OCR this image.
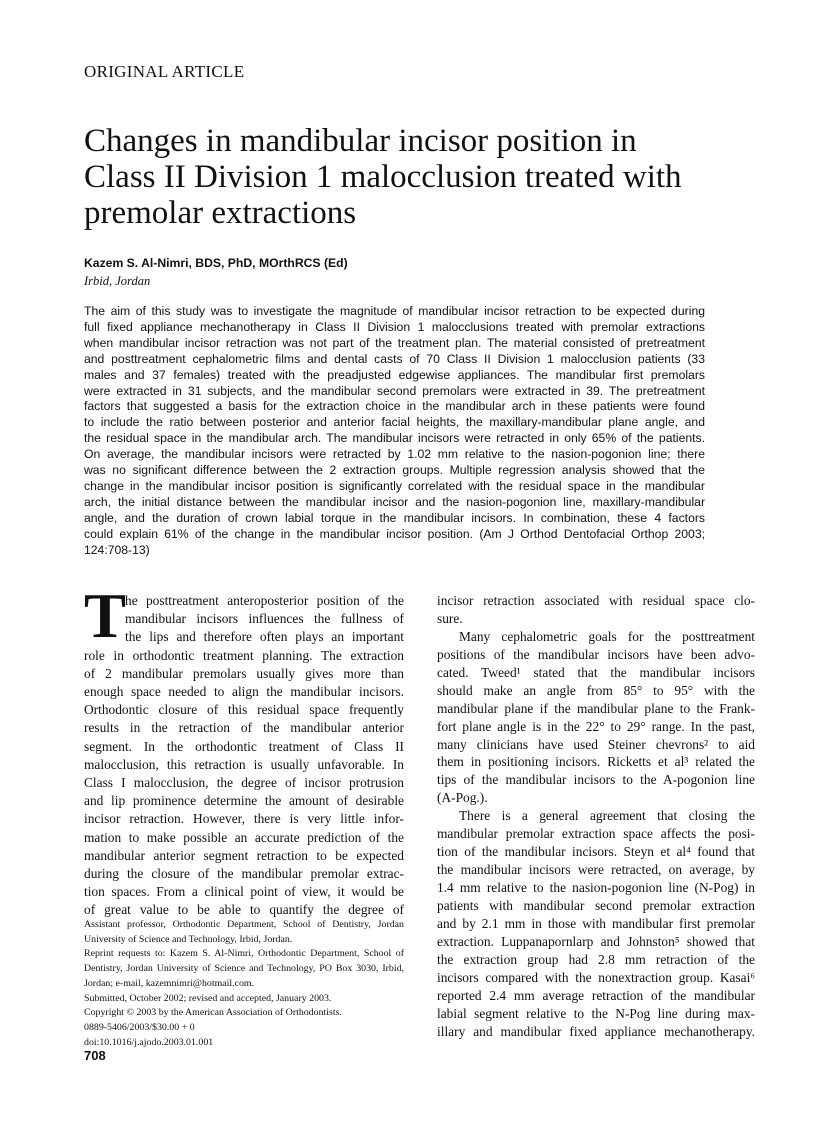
ORIGINAL ARTICLE
Changes in mandibular incisor position in
Class II Division 1 malocclusion treated with
premolar extractions
Kazem S. Al-Nimri, BDS, PhD, MOrthRCS (Ed)
Irbid, Jordan
The aim of this study was to investigate the magnitude of mandibular incisor retraction to be expected during
full fixed appliance mechanotherapy in Class II Division 1 malocclusions treated with premolar extractions
when mandibular incisor retraction was not part of the treatment plan. The material consisted of pretreatment
and posttreatment cephalometric films and dental casts of 70 Class II Division 1 malocclusion patients (33
males and 37 females) treated with the preadjusted edgewise appliances. The mandibular first premolars
were extracted in 31 subjects, and the mandibular second premolars were extracted in 39. The pretreatment
factors that suggested a basis for the extraction choice in the mandibular arch in these patients were found
to include the ratio between posterior and anterior facial heights, the maxillary-mandibular plane angle, and
the residual space in the mandibular arch. The mandibular incisors were retracted in only 65% of the patients.
On average, the mandibular incisors were retracted by 1.02 mm relative to the nasion-pogonion line; there
was no significant difference between the 2 extraction groups. Multiple regression analysis showed that the
change in the mandibular incisor position is significantly correlated with the residual space in the mandibular
arch, the initial distance between the mandibular incisor and the nasion-pogonion line, maxillary-mandibular
angle, and the duration of crown labial torque in the mandibular incisors. In combination, these 4 factors
could explain 61% of the change in the mandibular incisor position. (Am J Orthod Dentofacial Orthop 2003;
124:708-13)
T
he posttreatment anteroposterior position of the
mandibular incisors influences the fullness of
the lips and therefore often plays an important
role in orthodontic treatment planning. The extraction
of 2 mandibular premolars usually gives more than
enough space needed to align the mandibular incisors.
Orthodontic closure of this residual space frequently
results in the retraction of the mandibular anterior
segment. In the orthodontic treatment of Class II
malocclusion, this retraction is usually unfavorable. In
Class I malocclusion, the degree of incisor protrusion
and lip prominence determine the amount of desirable
incisor retraction. However, there is very little infor-
mation to make possible an accurate prediction of the
mandibular anterior segment retraction to be expected
during the closure of the mandibular premolar extrac-
tion spaces. From a clinical point of view, it would be
of great value to be able to quantify the degree of
incisor retraction associated with residual space clo-
sure.
Many cephalometric goals for the posttreatment
positions of the mandibular incisors have been advo-
cated. Tweed¹ stated that the mandibular incisors
should make an angle from 85° to 95° with the
mandibular plane if the mandibular plane to the Frank-
fort plane angle is in the 22° to 29° range. In the past,
many clinicians have used Steiner chevrons² to aid
them in positioning incisors. Ricketts et al³ related the
tips of the mandibular incisors to the A-pogonion line
(A-Pog.).
There is a general agreement that closing the
mandibular premolar extraction space affects the posi-
tion of the mandibular incisors. Steyn et al⁴ found that
the mandibular incisors were retracted, on average, by
1.4 mm relative to the nasion-pogonion line (N-Pog) in
patients with mandibular second premolar extraction
and by 2.1 mm in those with mandibular first premolar
extraction. Luppanapornlarp and Johnston⁵ showed that
the extraction group had 2.8 mm retraction of the
incisors compared with the nonextraction group. Kasai⁶
reported 2.4 mm average retraction of the mandibular
labial segment relative to the N-Pog line during max-
illary and mandibular fixed appliance mechanotherapy.
Assistant professor, Orthodontic Department, School of Dentistry, Jordan
University of Science and Technology, Irbid, Jordan.
Reprint requests to: Kazem S. Al-Nimri, Orthodontic Department, School of
Dentistry, Jordan University of Science and Technology, PO Box 3030, Irbid,
Jordan; e-mail, kazemnimri@hotmail.com.
Submitted, October 2002; revised and accepted, January 2003.
Copyright © 2003 by the American Association of Orthodontists.
0889-5406/2003/$30.00 + 0
doi:10.1016/j.ajodo.2003.01.001
708
